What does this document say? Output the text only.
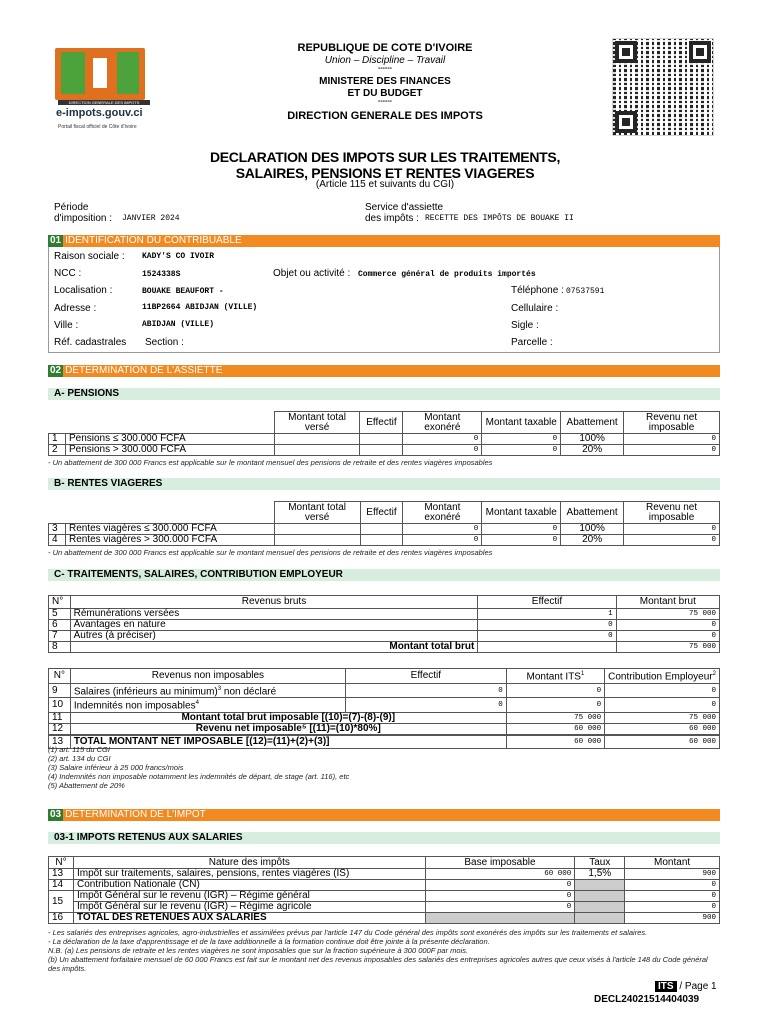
DIRECTION GENERALE DES IMPOTS
e-impots.gouv.ci
Portail fiscal officiel de Côte d'Ivoire
REPUBLIQUE DE COTE D'IVOIRE
Union – Discipline – Travail
------
MINISTERE DES FINANCES
ET DU BUDGET
------
DIRECTION GENERALE DES IMPOTS
DECLARATION DES IMPOTS SUR LES TRAITEMENTS,
SALAIRES, PENSIONS ET RENTES VIAGERES
(Article 115 et suivants du CGI)
Période
d'imposition : JANVIER 2024
Service d'assiette
des impôts : RECETTE DES IMPÔTS DE BOUAKE II
01 IDENTIFICATION DU CONTRIBUABLE
Raison sociale : KADY'S CO IVOIR
NCC :	1524338S	Objet ou activité : Commerce général de produits importés
Localisation :	BOUAKE BEAUFORT -	Téléphone : 07537591
Adresse :	11BP2664 ABIDJAN (VILLE)	Cellulaire :
Ville :	ABIDJAN (VILLE)	Sigle :
Réf. cadastrales Section :	Parcelle :
02 DETERMINATION DE L'ASSIETTE
A- PENSIONS
		Montant total versé	Effectif	Montant exonéré	Montant taxable	Abattement	Revenu net imposable
1	Pensions ≤ 300.000 FCFA			0	0	100%	0
2	Pensions > 300.000 FCFA			0	0	20%	0
- Un abattement de 300 000 Francs est applicable sur le montant mensuel des pensions de retraite et des rentes viagères imposables
B- RENTES VIAGERES
		Montant total versé	Effectif	Montant exonéré	Montant taxable	Abattement	Revenu net imposable
3	Rentes viagères ≤ 300.000 FCFA			0	0	100%	0
4	Rentes viagères > 300.000 FCFA			0	0	20%	0
- Un abattement de 300 000 Francs est applicable sur le montant mensuel des pensions de retraite et des rentes viagères imposables
C- TRAITEMENTS, SALAIRES, CONTRIBUTION EMPLOYEUR
N°	Revenus bruts	Effectif	Montant brut
5	Rémunérations versées	1	75 000
6	Avantages en nature	0	0
7	Autres (à préciser)	0	0
8	Montant total brut		75 000
N°	Revenus non imposables	Effectif	Montant ITS$^1$	Contribution Employeur$^2$
9	Salaires (inférieurs au minimum)$^3$ non déclaré	0	0	0
10	Indemnités non imposables$^4$	0	0	0
11	Montant total brut imposable [(10)=(7)-(8)-(9)]		75 000	75 000
12	Revenu net imposable⁵ [(11)=(10)*80%]		60 000	60 000
13	TOTAL MONTANT NET IMPOSABLE [(12)=(11)+(2)+(3)]		60 000	60 000
(1) art. 115 du CGI
(2) art. 134 du CGI
(3) Salaire inférieur à 25 000 francs/mois
(4) Indemnités non imposable notamment les indemnités de départ, de stage (art. 116), etc
(5) Abattement de 20%
03 DETERMINATION DE L'IMPÔT
03-1 IMPOTS RETENUS AUX SALARIES
N°	Nature des impôts	Base imposable	Taux	Montant
13	Impôt sur traitements, salaires, pensions, rentes viagères (IS)	60 000	1,5%	900
14	Contribution Nationale (CN)	0		0
15	Impôt Général sur le revenu (IGR) – Régime général	0		0
	Impôt Général sur le revenu (IGR) – Régime agricole	0		0
16	TOTAL DES RETENUES AUX SALARIES			900
- Les salariés des entreprises agricoles, agro-industrielles et assimilées prévus par l'article 147 du Code général des impôts sont exonérés des impôts sur les traitements et salaires.
- La déclaration de la taxe d'apprentissage et de la taxe additionnelle à la formation continue doit être jointe à la présente déclaration.
N.B. (a) Les pensions de retraite et les rentes viagères ne sont imposables que sur la fraction supérieure à 300 000F par mois.
(b) Un abattement forfaitaire mensuel de 60 000 Francs est fait sur le montant net des revenus imposables des salariés des entreprises agricoles autres que ceux visés à l'article 148 du Code général des impôts.
ITS / Page 1
DECL24021514404039
